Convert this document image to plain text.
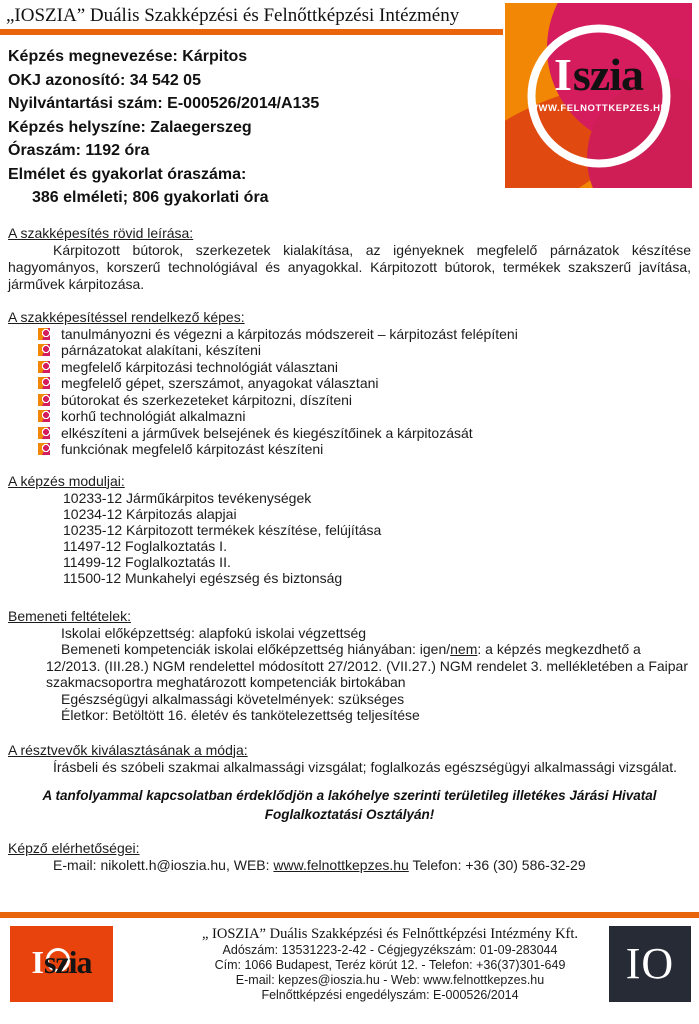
„IOSZIA” Duális Szakképzési és Felnőttképzési Intézmény
Iszia
WWW.FELNOTTKEPZES.HU
Képzés megnevezése: Kárpitos
OKJ azonosító: 34 542 05
Nyilvántartási szám: E-000526/2014/A135
Képzés helyszíne: Zalaegerszeg
Óraszám: 1192 óra
Elmélet és gyakorlat óraszáma:
386 elméleti; 806 gyakorlati óra
A szakképesítés rövid leírása:
Kárpitozott bútorok, szerkezetek kialakítása, az igényeknek megfelelő párnázatok készítése hagyományos, korszerű technológiával és anyagokkal. Kárpitozott bútorok, termékek szakszerű javítása, járművek kárpitozása.
A szakképesítéssel rendelkező képes:
tanulmányozni és végezni a kárpitozás módszereit – kárpitozást felépíteni
párnázatokat alakítani, készíteni
megfelelő kárpitozási technológiát választani
megfelelő gépet, szerszámot, anyagokat választani
bútorokat és szerkezeteket kárpitozni, díszíteni
korhű technológiát alkalmazni
elkészíteni a járművek belsejének és kiegészítőinek a kárpitozását
funkciónak megfelelő kárpitozást készíteni
A képzés moduljai:
10233-12 Járműkárpitos tevékenységek
10234-12 Kárpitozás alapjai
10235-12 Kárpitozott termékek készítése, felújítása
11497-12 Foglalkoztatás I.
11499-12 Foglalkoztatás II.
11500-12 Munkahelyi egészség és biztonság
Bemeneti feltételek:
Iskolai előképzettség: alapfokú iskolai végzettség
Bemeneti kompetenciák iskolai előképzettség hiányában: igen/nem: a képzés megkezdhető a 12/2013. (III.28.) NGM rendelettel módosított 27/2012. (VII.27.) NGM rendelet 3. mellékletében a Faipar szakmacsoportra meghatározott kompetenciák birtokában
Egészségügyi alkalmassági követelmények: szükséges
Életkor: Betöltött 16. életév és tankötelezettség teljesítése
A résztvevők kiválasztásának a módja:
Írásbeli és szóbeli szakmai alkalmassági vizsgálat; foglalkozás egészségügyi alkalmassági vizsgálat.
A tanfolyammal kapcsolatban érdeklődjön a lakóhelye szerinti területileg illetékes Járási Hivatal Foglalkoztatási Osztályán!
Képző elérhetőségei:
E-mail: nikolett.h@ioszia.hu, WEB: www.felnottkepzes.hu Telefon: +36 (30) 586-32-29
Iszia
„ IOSZIA” Duális Szakképzési és Felnőttképzési Intézmény Kft.
Adószám: 13531223-2-42 - Cégjegyzékszám: 01-09-283044
Cím: 1066 Budapest, Teréz körút 12. - Telefon: +36(37)301-649
E-mail: kepzes@ioszia.hu - Web: www.felnottkepzes.hu
Felnőttképzési engedélyszám: E-000526/2014
IO
